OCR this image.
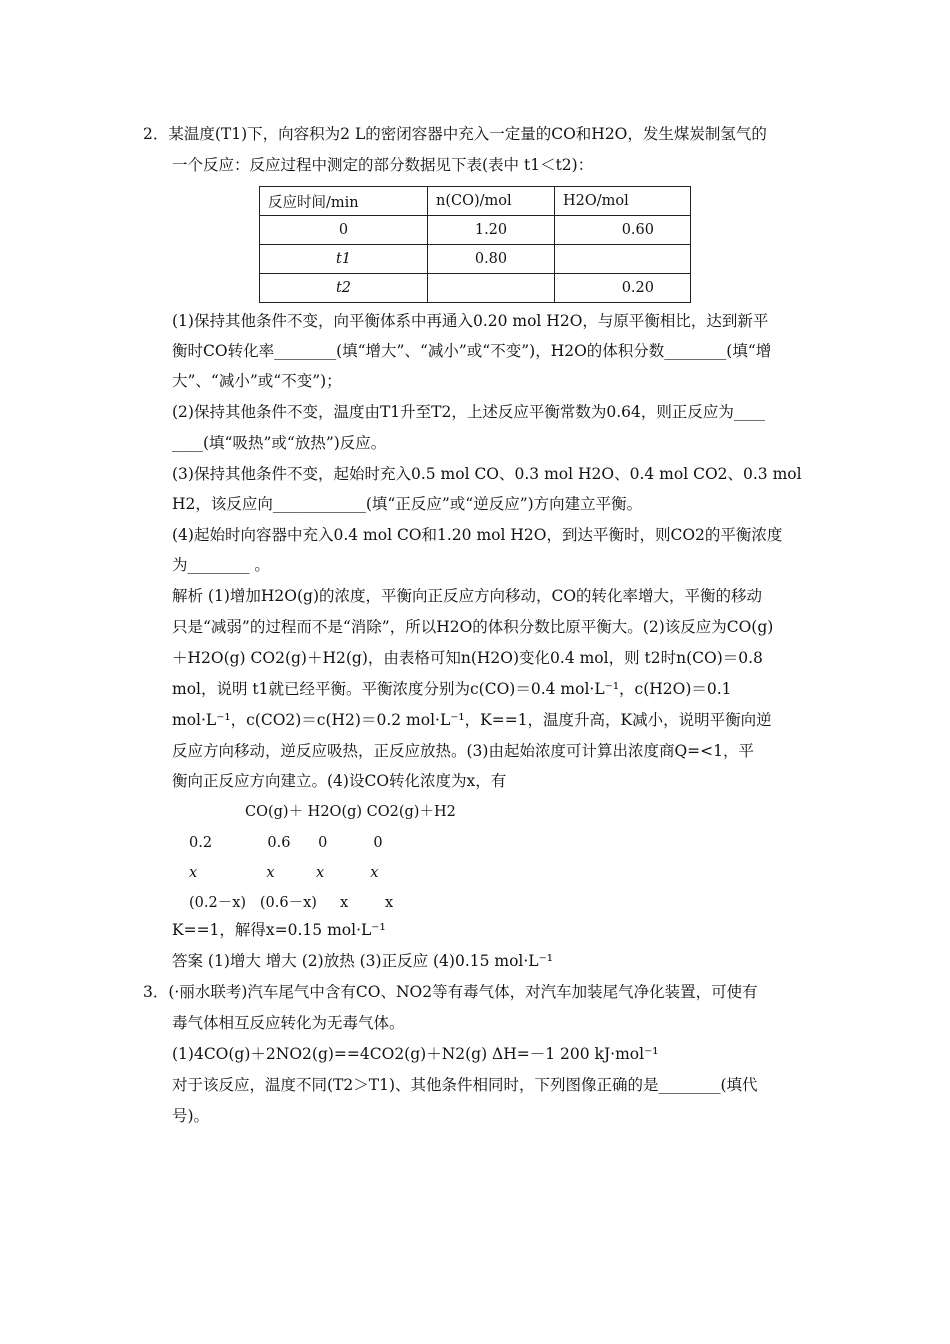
2．某温度(T1)下，向容积为2 L的密闭容器中充入一定量的CO和H2O，发生煤炭制氢气的
一个反应：反应过程中测定的部分数据见下表(表中 t1＜t2)：
反应时间/min	n(CO)/mol	H2O/mol
0	1.20	0.60
t1	0.80	
t2		0.20
(1)保持其他条件不变，向平衡体系中再通入0.20 mol H2O，与原平衡相比，达到新平
衡时CO转化率________(填“增大”、“减小”或“不变”)，H2O的体积分数________(填“增
大”、“减小”或“不变”)；
(2)保持其他条件不变，温度由T1升至T2，上述反应平衡常数为0.64，则正反应为____
____(填“吸热”或“放热”)反应。
(3)保持其他条件不变，起始时充入0.5 mol CO、0.3 mol H2O、0.4 mol CO2、0.3 mol
H2，该反应向____________(填“正反应”或“逆反应”)方向建立平衡。
(4)起始时向容器中充入0.4 mol CO和1.20 mol H2O，到达平衡时，则CO2的平衡浓度
为________ 。
解析 (1)增加H2O(g)的浓度，平衡向正反应方向移动，CO的转化率增大，平衡的移动
只是“减弱”的过程而不是“消除”，所以H2O的体积分数比原平衡大。(2)该反应为CO(g)
＋H2O(g) CO2(g)＋H2(g)，由表格可知n(H2O)变化0.4 mol，则 t2时n(CO)＝0.8
mol，说明 t1就已经平衡。平衡浓度分别为c(CO)＝0.4 mol·L⁻¹，c(H2O)＝0.1
mol·L⁻¹，c(CO2)＝c(H2)＝0.2 mol·L⁻¹，K==1，温度升高，K减小，说明平衡向逆
反应方向移动，逆反应吸热，正反应放热。(3)由起始浓度可计算出浓度商Q=<1，平
衡向正反应方向建立。(4)设CO转化浓度为x，有
CO(g)＋ H2O(g) CO2(g)＋H2
0.2            0.6      0          0
x               x         x          x
(0.2－x)   (0.6－x)     x        x
K==1，解得x=0.15 mol·L⁻¹
答案 (1)增大 增大 (2)放热 (3)正反应 (4)0.15 mol·L⁻¹
3．(·丽水联考)汽车尾气中含有CO、NO2等有毒气体，对汽车加装尾气净化装置，可使有
毒气体相互反应转化为无毒气体。
(1)4CO(g)＋2NO2(g)==4CO2(g)＋N2(g) ΔH=－1 200 kJ·mol⁻¹
对于该反应，温度不同(T2＞T1)、其他条件相同时，下列图像正确的是________(填代
号)。
